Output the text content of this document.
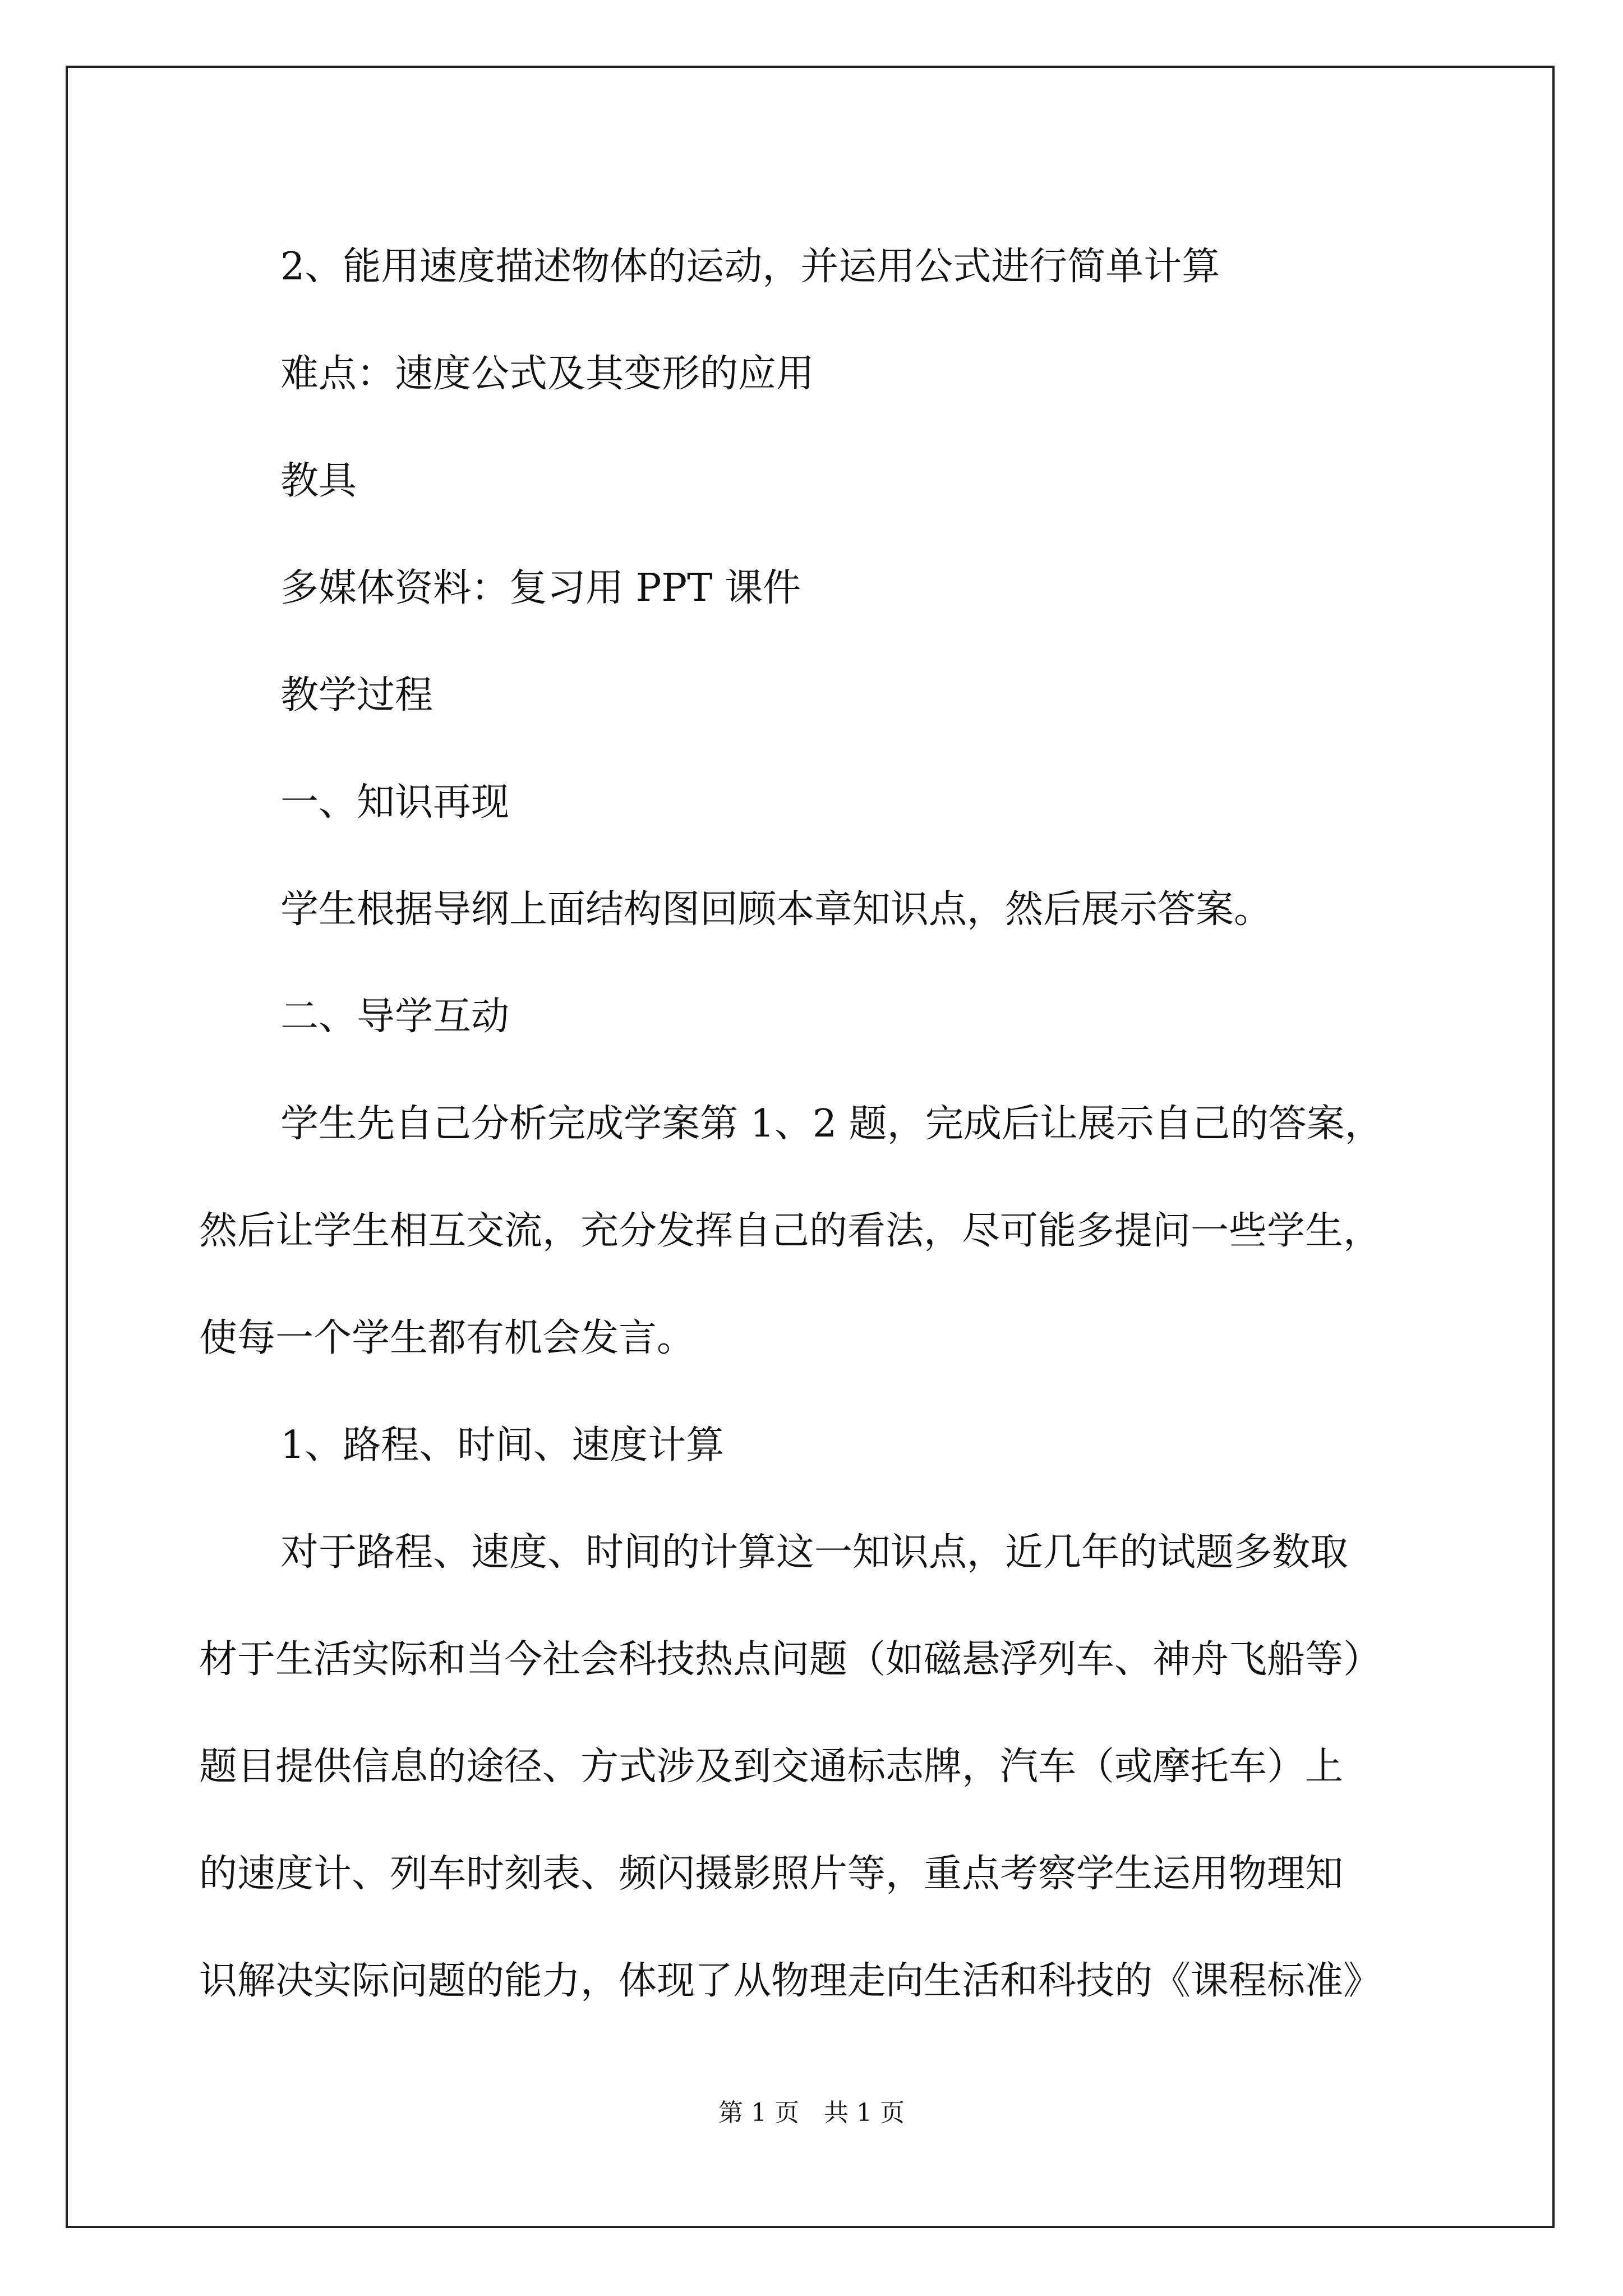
2、能用速度描述物体的运动，并运用公式进行简单计算

难点：速度公式及其变形的应用

教具

多媒体资料：复习用 PPT 课件

教学过程

一、知识再现

学生根据导纲上面结构图回顾本章知识点，然后展示答案。

二、导学互动

学生先自己分析完成学案第 1、2 题，完成后让展示自己的答案，

然后让学生相互交流，充分发挥自己的看法，尽可能多提问一些学生，

使每一个学生都有机会发言。

1、路程、时间、速度计算

对于路程、速度、时间的计算这一知识点，近几年的试题多数取

材于生活实际和当今社会科技热点问题（如磁悬浮列车、神舟飞船等）

题目提供信息的途径、方式涉及到交通标志牌，汽车（或摩托车）上

的速度计、列车时刻表、频闪摄影照片等，重点考察学生运用物理知

识解决实际问题的能力，体现了从物理走向生活和科技的《课程标准》

第 1 页　共 1 页
